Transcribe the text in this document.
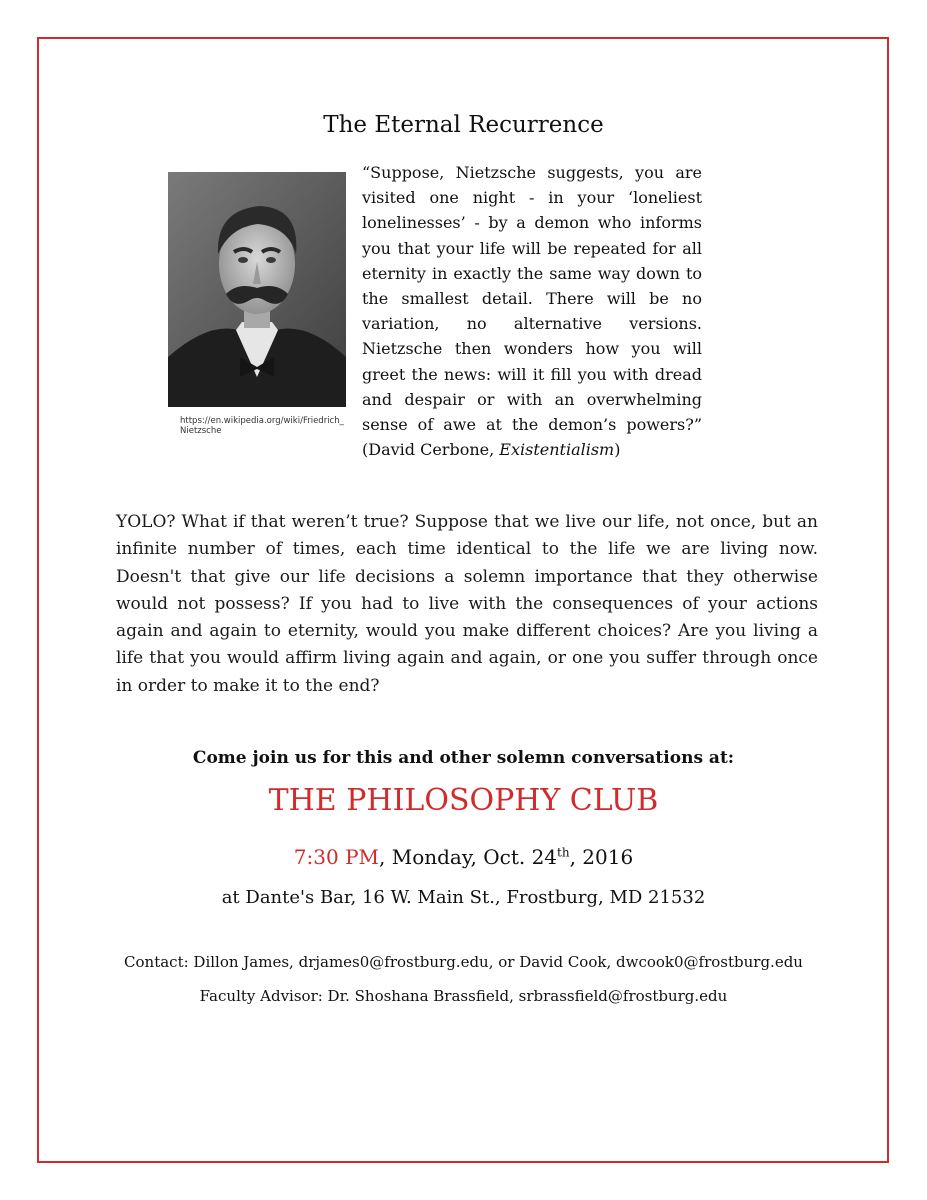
The Eternal Recurrence
https://en.wikipedia.org/wiki/Friedrich_ Nietzsche

“Suppose, Nietzsche suggests, you are visited one night - in your ‘loneliest lonelinesses’ - by a demon who informs you that your life will be repeated for all eternity in exactly the same way down to the smallest detail. There will be no variation, no alternative versions. Nietzsche then wonders how you will greet the news: will it fill you with dread and despair or with an overwhelming sense of awe at the demon’s powers?” (David Cerbone, Existentialism)

YOLO? What if that weren’t true? Suppose that we live our life, not once, but an infinite number of times, each time identical to the life we are living now. Doesn't that give our life decisions a solemn importance that they otherwise would not possess? If you had to live with the consequences of your actions again and again to eternity, would you make different choices? Are you living a life that you would affirm living again and again, or one you suffer through once in order to make it to the end?

Come join us for this and other solemn conversations at:

THE PHILOSOPHY CLUB

7:30 PM, Monday, Oct. 24th, 2016

at Dante's Bar, 16 W. Main St., Frostburg, MD 21532

Contact: Dillon James, drjames0@frostburg.edu, or David Cook, dwcook0@frostburg.edu

Faculty Advisor: Dr. Shoshana Brassfield, srbrassfield@frostburg.edu
